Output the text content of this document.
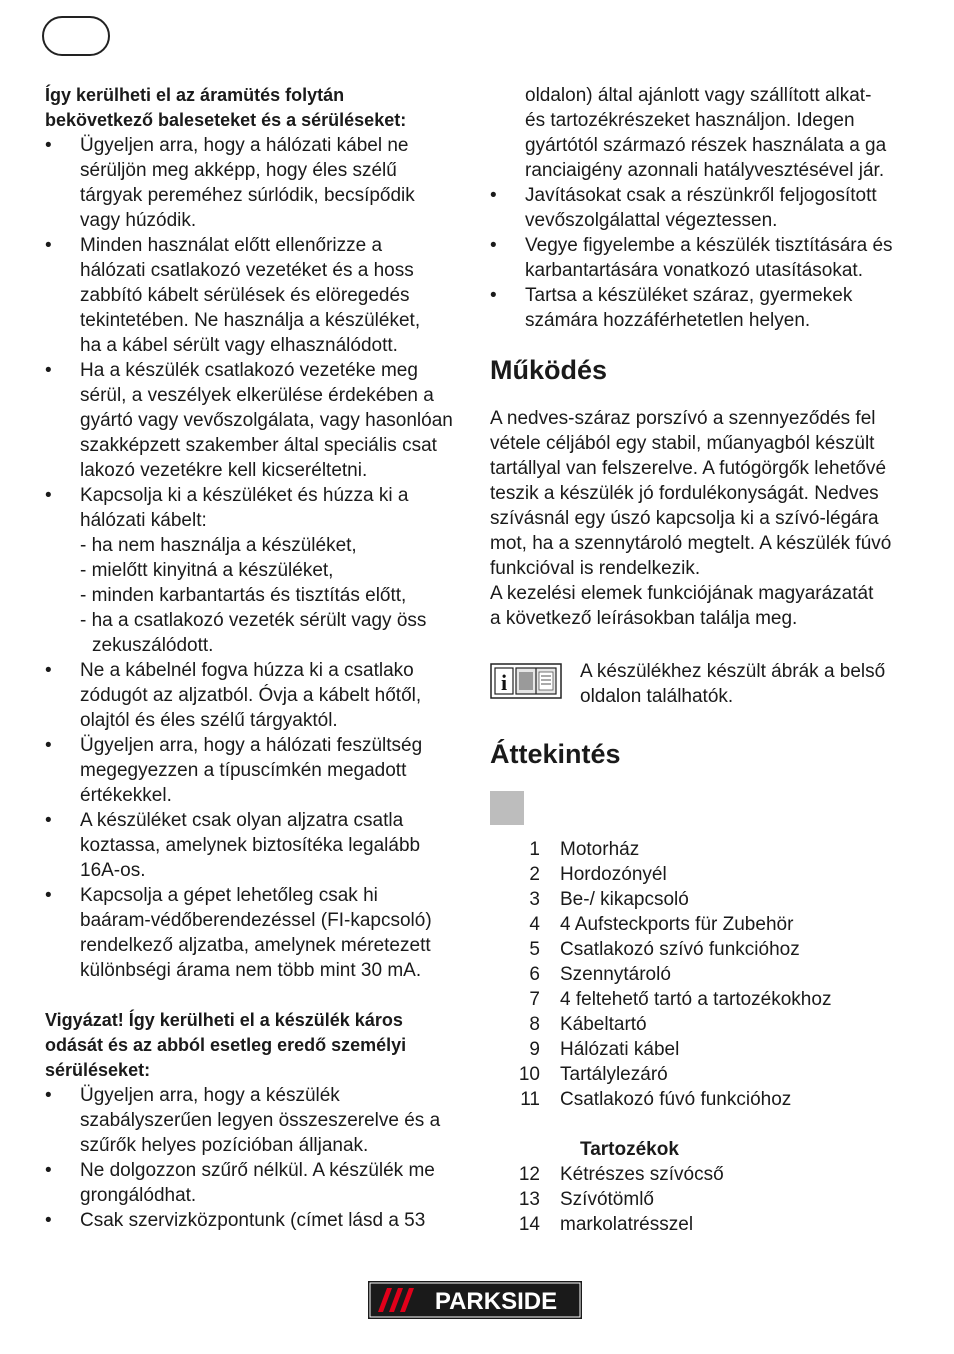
Így kerülheti el az áramütés folytán
bekövetkező baleseteket és a sérüléseket:

• Ügyeljen arra, hogy a hálózati kábel ne
sérüljön meg akképp, hogy éles szélű
tárgyak pereméhez súrlódik, becsípődik
vagy húzódik.
• Minden használat előtt ellenőrizze a
hálózati csatlakozó vezetéket és a hoss
zabbító kábelt sérülések és elöregedés
tekintetében. Ne használja a készüléket,
ha a kábel sérült vagy elhasználódott.
• Ha a készülék csatlakozó vezetéke meg
sérül, a veszélyek elkerülése érdekében a
gyártó vagy vevőszolgálata, vagy hasonlóan
szakképzett szakember által speciális csat
lakozó vezetékre kell kicseréltetni.
• Kapcsolja ki a készüléket és húzza ki a
hálózati kábelt:
- ha nem használja a készüléket,
- mielőtt kinyitná a készüléket,
- minden karbantartás és tisztítás előtt,
- ha a csatlakozó vezeték sérült vagy öss zekuszálódott.
• Ne a kábelnél fogva húzza ki a csatlako
zódugót az aljzatból. Óvja a kábelt hőtől,
olajtól és éles szélű tárgyaktól.
• Ügyeljen arra, hogy a hálózati feszültség
megegyezzen a típuscímkén megadott
értékekkel.
• A készüléket csak olyan aljzatra csatla
koztassa, amelynek biztosítéka legalább
16A-os.
• Kapcsolja a gépet lehetőleg csak hi
baáram-védőberendezéssel (FI-kapcsoló)
rendelkező aljzatba, amelynek méretezett
különbségi árama nem több mint 30 mA.

Vigyázat! Így kerülheti el a készülék káros
odását és az abból esetleg eredő személyi
sérüléseket:

• Ügyeljen arra, hogy a készülék
szabályszerűen legyen összeszerelve és a
szűrők helyes pozícióban álljanak.
• Ne dolgozzon szűrő nélkül. A készülék me
grongálódhat.
• Csak szervizközpontunk (címet lásd a 53
oldalon) által ajánlott vagy szállított alkat-
és tartozékrészeket használjon. Idegen
gyártótól származó részek használata a ga
ranciaigény azonnali hatályvesztésével jár.
• Javításokat csak a részünkről feljogosított
vevőszolgálattal végeztessen.
• Vegye figyelembe a készülék tisztítására és
karbantartására vonatkozó utasításokat.
• Tartsa a készüléket száraz, gyermekek
számára hozzáférhetetlen helyen.
Működés

A nedves-száraz porszívó a szennyeződés fel
vétele céljából egy stabil, műanyagból készült
tartállyal van felszerelve. A futógörgők lehetővé
teszik a készülék jó fordulékonyságát. Nedves
szívásnál egy úszó kapcsolja ki a szívó-légára
mot, ha a szennytároló megtelt. A készülék fúvó
funkcióval is rendelkezik.
A kezelési elemek funkciójának magyarázatát
a következő leírásokban találja meg.

i	A készülékhez készült ábrák a belső
oldalon találhatók.
Áttekintés
1	Motorház
2	Hordozónyél
3	Be-/ kikapcsoló
4	4 Aufsteckports für Zubehör
5	Csatlakozó szívó funkcióhoz
6	Szennytároló
7	4 feltehető tartó a tartozékokhoz
8	Kábeltartó
9	Hálózati kábel
10	Tartálylezáró
11	Csatlakozó fúvó funkcióhoz
Tartozékok
12	Kétrészes szívócső
13	Szívótömlő
14	markolatrésszel
PARKSIDE
